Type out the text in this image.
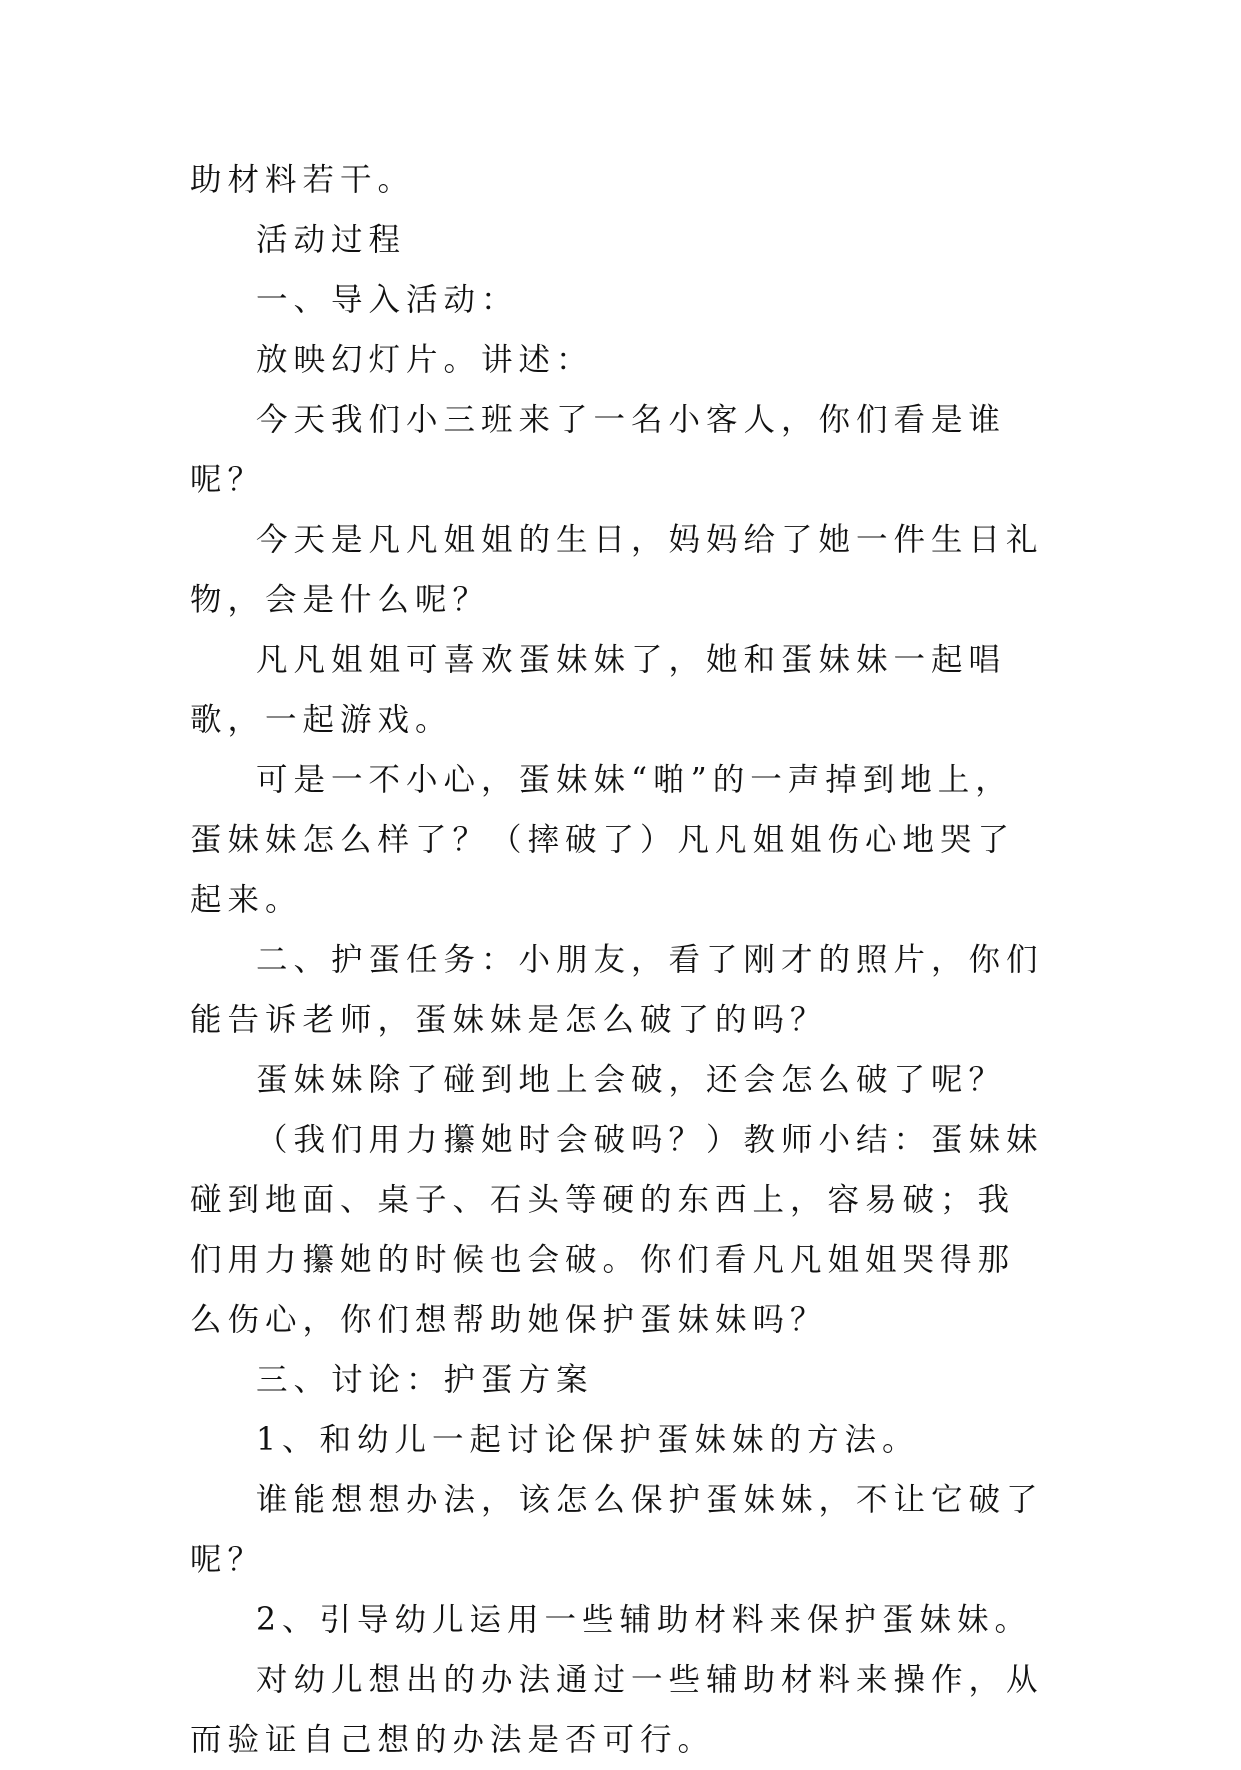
助材料若干。

活动过程

一、导入活动：

放映幻灯片。讲述：

今天我们小三班来了一名小客人，你们看是谁呢？

今天是凡凡姐姐的生日，妈妈给了她一件生日礼物，会是什么呢？

凡凡姐姐可喜欢蛋妹妹了，她和蛋妹妹一起唱歌，一起游戏。

可是一不小心，蛋妹妹“啪”的一声掉到地上，蛋妹妹怎么样了？（摔破了）凡凡姐姐伤心地哭了起来。

二、护蛋任务：小朋友，看了刚才的照片，你们能告诉老师，蛋妹妹是怎么破了的吗？

蛋妹妹除了碰到地上会破，还会怎么破了呢？

（我们用力攥她时会破吗？）教师小结：蛋妹妹碰到地面、桌子、石头等硬的东西上，容易破；我们用力攥她的时候也会破。你们看凡凡姐姐哭得那么伤心，你们想帮助她保护蛋妹妹吗？

三、讨论：护蛋方案

1、和幼儿一起讨论保护蛋妹妹的方法。

谁能想想办法，该怎么保护蛋妹妹，不让它破了呢？

2、引导幼儿运用一些辅助材料来保护蛋妹妹。

对幼儿想出的办法通过一些辅助材料来操作，从而验证自己想的办法是否可行。
